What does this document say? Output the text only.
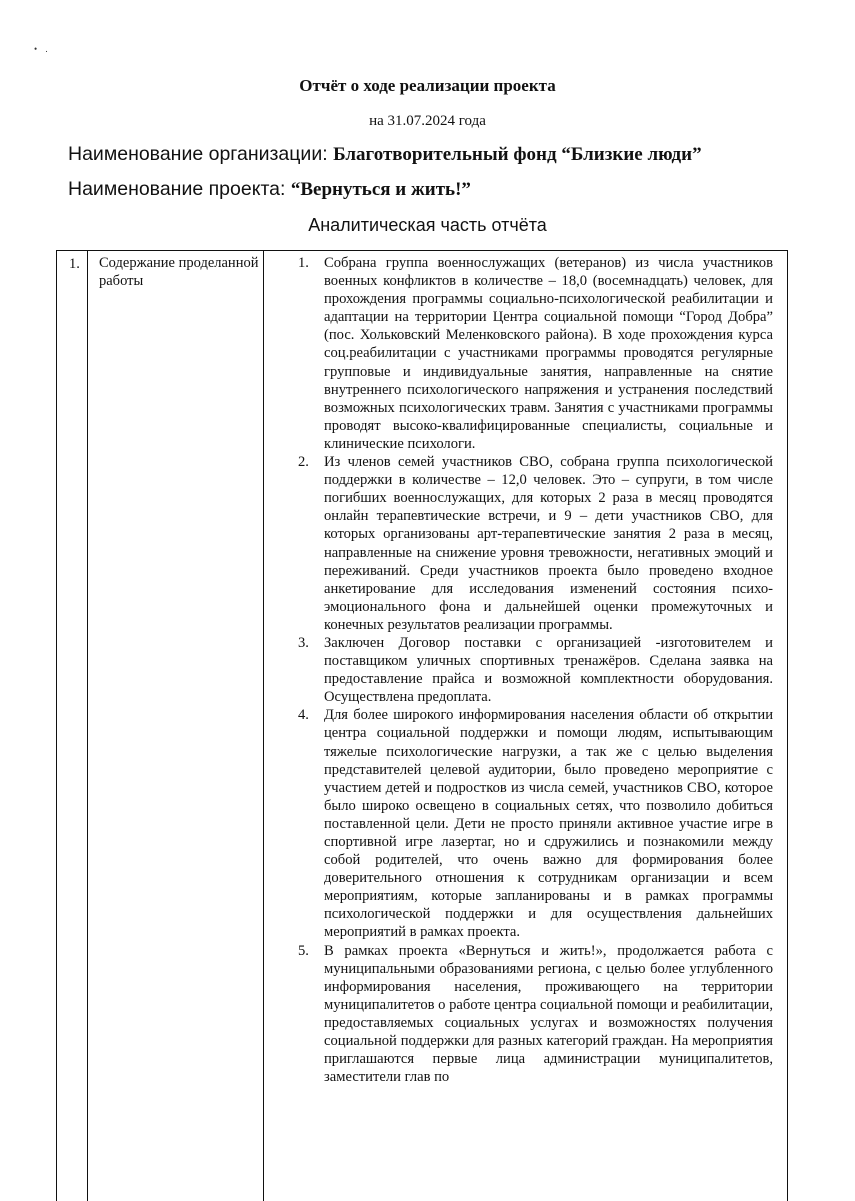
• .
Отчёт о ходе реализации проекта
на 31.07.2024 года
Наименование организации: Благотворительный фонд “Близкие люди”
Наименование проекта: “Вернуться и жить!”
Аналитическая часть отчёта
1. Содержание проделанной работы
1. Собрана группа военнослужащих (ветеранов) из числа участников военных конфликтов в количестве – 18,0 (восемнадцать) человек, для прохождения программы социально-психологической реабилитации и адаптации на территории Центра социальной помощи “Город Добра” (пос. Хольковский Меленковского района). В ходе прохождения курса соц.реабилитации с участниками программы проводятся регулярные групповые и индивидуальные занятия, направленные на снятие внутреннего психологического напряжения и устранения последствий возможных психологических травм. Занятия с участниками программы проводят высоко-квалифицированные специалисты, социальные и клинические психологи.
2. Из членов семей участников СВО, собрана группа психологической поддержки в количестве – 12,0 человек. Это – супруги, в том числе погибших военнослужащих, для которых 2 раза в месяц проводятся онлайн терапевтические встречи, и 9 – дети участников СВО, для которых организованы арт-терапевтические занятия 2 раза в месяц, направленные на снижение уровня тревожности, негативных эмоций и переживаний. Среди участников проекта было проведено входное анкетирование для исследования изменений состояния психо-эмоционального фона и дальнейшей оценки промежуточных и конечных результатов реализации программы.
3. Заключен Договор поставки с организацией -изготовителем и поставщиком уличных спортивных тренажёров. Сделана заявка на предоставление прайса и возможной комплектности оборудования. Осуществлена предоплата.
4. Для более широкого информирования населения области об открытии центра социальной поддержки и помощи людям, испытывающим тяжелые психологические нагрузки, а так же с целью выделения представителей целевой аудитории, было проведено мероприятие с участием детей и подростков из числа семей, участников СВО, которое было широко освещено в социальных сетях, что позволило добиться поставленной цели. Дети не просто приняли активное участие игре в спортивной игре лазертаг, но и сдружились и познакомили между собой родителей, что очень важно для формирования более доверительного отношения к сотрудникам организации и всем мероприятиям, которые запланированы и в рамках программы психологической поддержки и для осуществления дальнейших мероприятий в рамках проекта.
5. В рамках проекта «Вернуться и жить!», продолжается работа с муниципальными образованиями региона, с целью более углубленного информирования населения, проживающего на территории муниципалитетов о работе центра социальной помощи и реабилитации, предоставляемых социальных услугах и возможностях получения социальной поддержки для разных категорий граждан. На мероприятия приглашаются первые лица администрации муниципалитетов, заместители глав по
